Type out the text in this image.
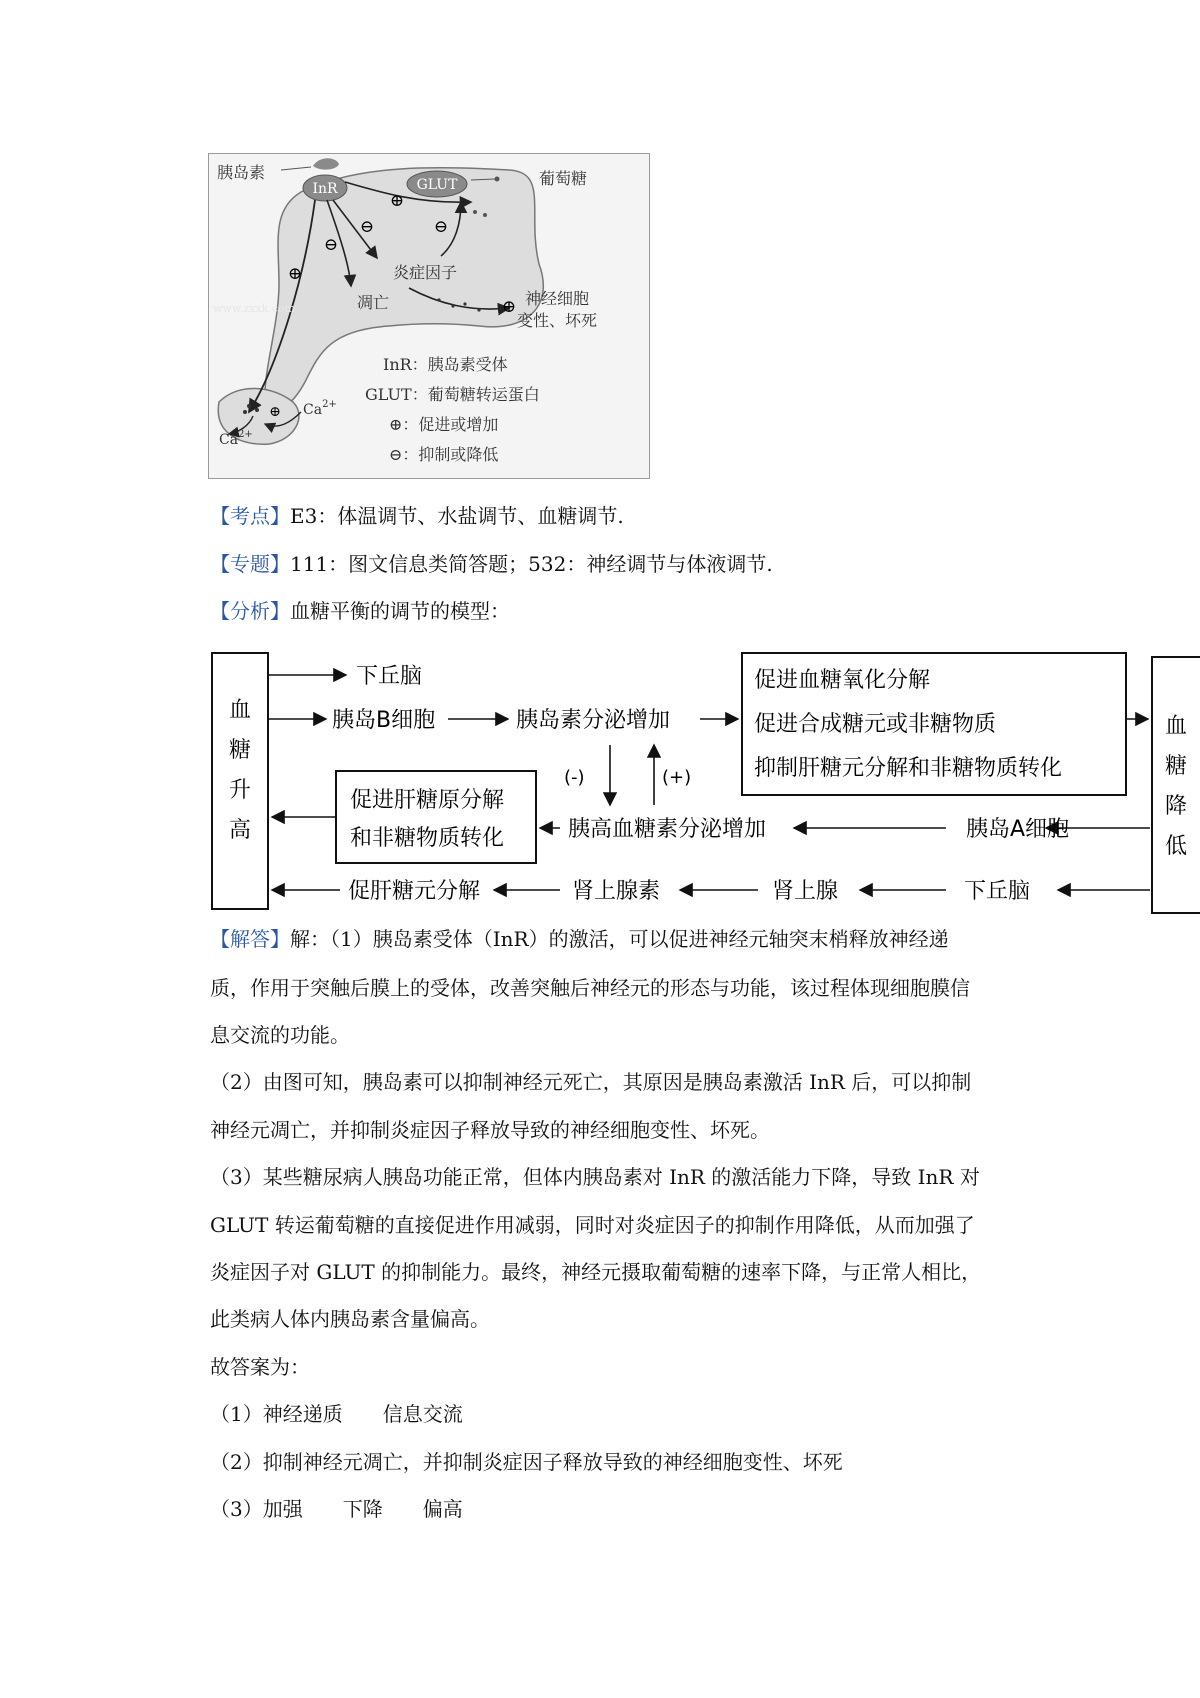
InR
胰岛素
GLUT	葡萄糖
⊕
⊖
⊖
⊕
⊖
炎症因子
⊕
凋亡	神经细胞
变性、坏死
www.zxxk.com
⊕ $Ca^{2+}$
$Ca^{2+}$
InR：胰岛素受体
GLUT：葡萄糖转运蛋白
⊕：促进或增加
⊖：抑制或降低
【考点】E3：体温调节、水盐调节、血糖调节.
【专题】111：图文信息类简答题；532：神经调节与体液调节.
【分析】血糖平衡的调节的模型：
血
糖
升
高
血
糖
降
低
下丘脑
胰岛B细胞	胰岛素分泌增加
促进血糖氧化分解
促进合成糖元或非糖物质
抑制肝糖元分解和非糖物质转化
(-)	(+)
胰岛A细胞
胰高血糖素分泌增加
促进肝糖原分解
和非糖物质转化
下丘脑
肾上腺
肾上腺素
促肝糖元分解
【解答】解：（1）胰岛素受体（InR）的激活，可以促进神经元轴突末梢释放神经递
质，作用于突触后膜上的受体，改善突触后神经元的形态与功能，该过程体现细胞膜信
息交流的功能。
（2）由图可知，胰岛素可以抑制神经元死亡，其原因是胰岛素激活 InR 后，可以抑制
神经元凋亡，并抑制炎症因子释放导致的神经细胞变性、坏死。
（3）某些糖尿病人胰岛功能正常，但体内胰岛素对 InR 的激活能力下降，导致 InR 对
GLUT 转运葡萄糖的直接促进作用减弱，同时对炎症因子的抑制作用降低，从而加强了
炎症因子对 GLUT 的抑制能力。最终，神经元摄取葡萄糖的速率下降，与正常人相比，
此类病人体内胰岛素含量偏高。
故答案为：
（1）神经递质　　信息交流
（2）抑制神经元凋亡，并抑制炎症因子释放导致的神经细胞变性、坏死
（3）加强　　下降　　偏高
